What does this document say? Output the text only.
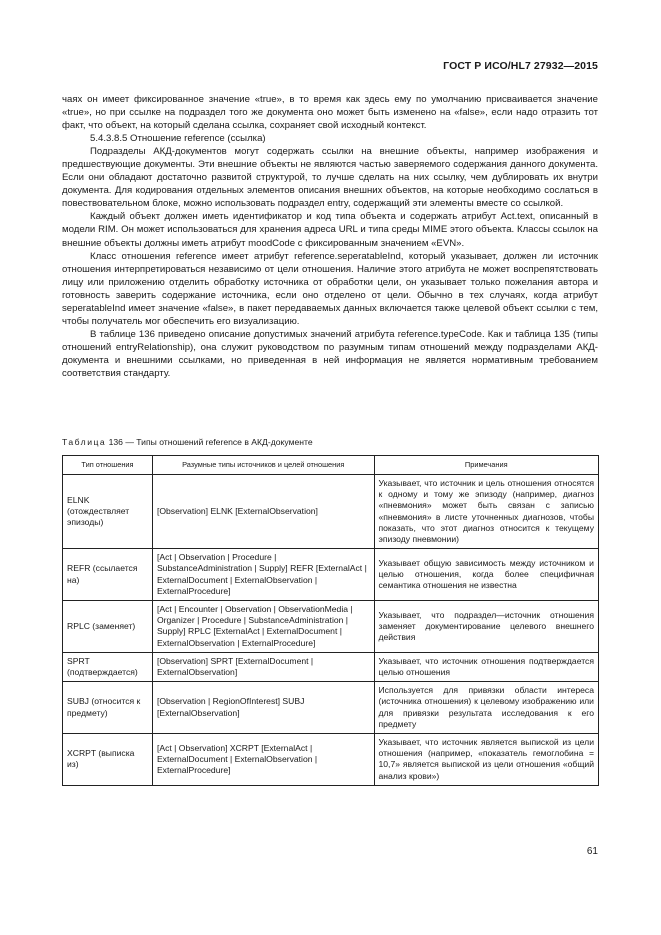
ГОСТ Р ИСО/HL7 27932—2015

чаях он имеет фиксированное значение «true», в то время как здесь ему по умолчанию присваивается значение «true», но при ссылке на подраздел того же документа оно может быть изменено на «false», если надо отразить тот факт, что объект, на который сделана ссылка, сохраняет свой исходный контекст.

5.4.3.8.5 Отношение reference (ссылка)

Подразделы АКД-документов могут содержать ссылки на внешние объекты, например изображения и предшествующие документы. Эти внешние объекты не являются частью заверяемого содержания данного документа. Если они обладают достаточно развитой структурой, то лучше сделать на них ссылку, чем дублировать их внутри документа. Для кодирования отдельных элементов описания внешних объектов, на которые необходимо сослаться в повествовательном блоке, можно использовать подраздел entry, содержащий эти элементы вместе со ссылкой.

Каждый объект должен иметь идентификатор и код типа объекта и содержать атрибут Act.text, описанный в модели RIM. Он может использоваться для хранения адреса URL и типа среды MIME этого объекта. Классы ссылок на внешние объекты должны иметь атрибут moodCode с фиксированным значением «EVN».

Класс отношения reference имеет атрибут reference.seperatableInd, который указывает, должен ли источник отношения интерпретироваться независимо от цели отношения. Наличие этого атрибута не может воспрепятствовать лицу или приложению отделить обработку источника от обработки цели, он указывает только пожелания автора и готовность заверить содержание источника, если оно отделено от цели. Обычно в тех случаях, когда атрибут seperatableInd имеет значение «false», в пакет передаваемых данных включается также целевой объект ссылки с тем, чтобы получатель мог обеспечить его визуализацию.

В таблице 136 приведено описание допустимых значений атрибута reference.typeCode. Как и таблица 135 (типы отношений entryRelationship), она служит руководством по разумным типам отношений между подразделами АКД-документа и внешними ссылками, но приведенная в ней информация не является нормативным требованием соответствия стандарту.

Таблица 136 — Типы отношений reference в АКД-документе
Тип отношения	Разумные типы источников и целей отношения	Примечания
ELNK (отождествляет эпизоды)	[Observation] ELNK [ExternalObservation]	Указывает, что источник и цель отношения относятся к одному и тому же эпизоду (например, диагноз «пневмония» может быть связан с записью «пневмония» в листе уточненных диагнозов, чтобы показать, что этот диагноз относится к текущему эпизоду пневмонии)
REFR (ссылается на)	[Act | Observation | Procedure | SubstanceAdministration | Supply] REFR [ExternalAct | ExternalDocument | ExternalObservation | ExternalProcedure]	Указывает общую зависимость между источником и целью отношения, когда более специфичная семантика отношения не известна
RPLC (заменяет)	[Act | Encounter | Observation | ObservationMedia | Organizer | Procedure | SubstanceAdministration | Supply] RPLC [ExternalAct | ExternalDocument | ExternalObservation | ExternalProcedure]	Указывает, что подраздел—источник отношения заменяет документирование целевого внешнего действия
SPRT (подтверждается)	[Observation] SPRT [ExternalDocument | ExternalObservation]	Указывает, что источник отношения подтверждается целью отношения
SUBJ (относится к предмету)	[Observation | RegionOfInterest] SUBJ [ExternalObservation]	Используется для привязки области интереса (источника отношения) к целевому изображению или для привязки результата исследования к его предмету
XCRPT (выписка из)	[Act | Observation] XCRPT [ExternalAct | ExternalDocument | ExternalObservation | ExternalProcedure]	Указывает, что источник является выпиской из цели отношения (например, «показатель гемоглобина = 10,7» является выпиской из цели отношения «общий анализ крови»)
61
